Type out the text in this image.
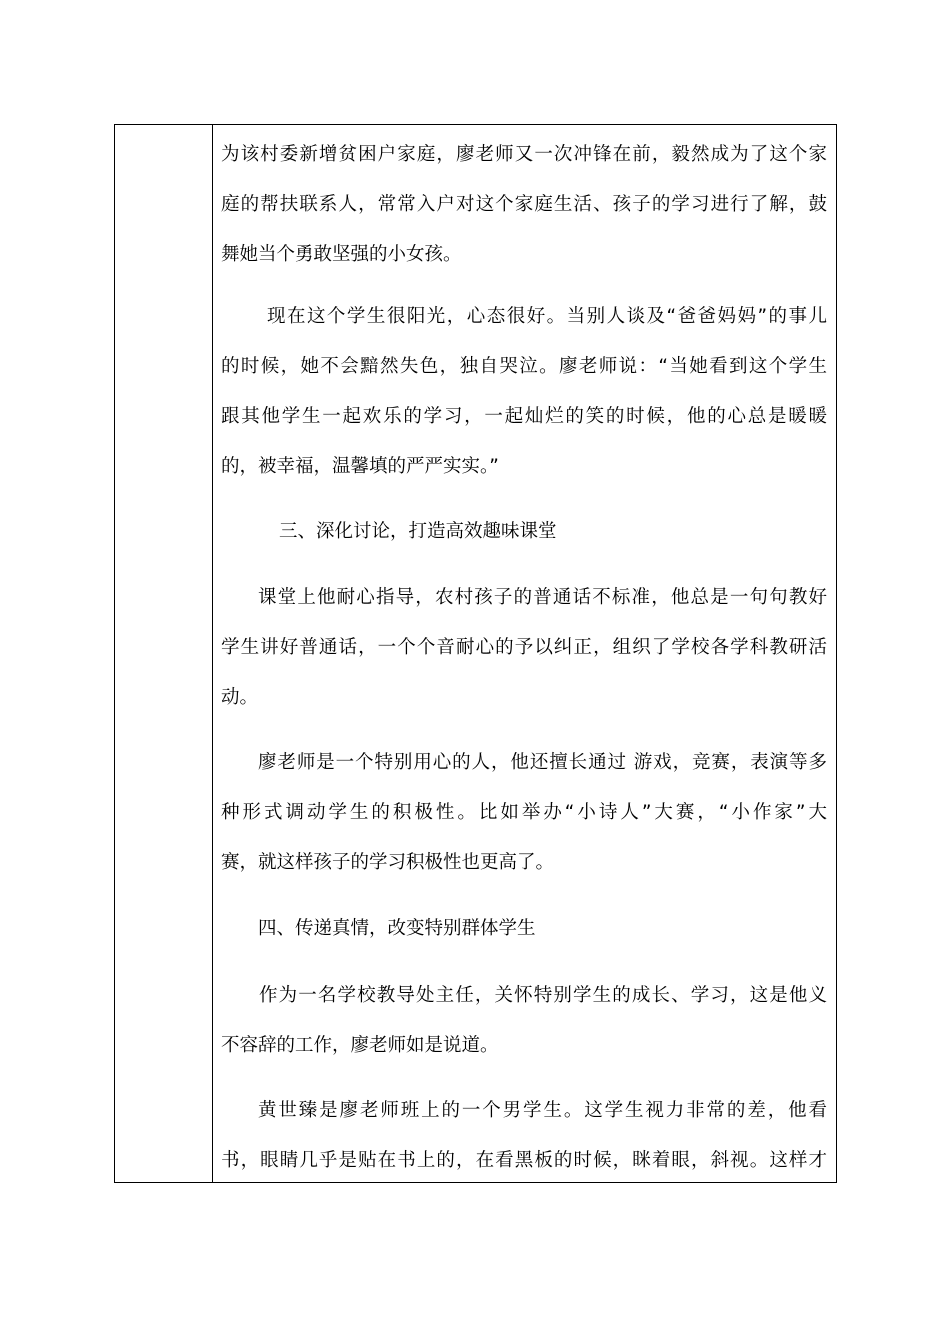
为该村委新增贫困户家庭，廖老师又一次冲锋在前，毅然成为了这个家
庭的帮扶联系人，常常入户对这个家庭生活、孩子的学习进行了解，鼓
舞她当个勇敢坚强的小女孩。
现在这个学生很阳光，心态很好。当别人谈及“爸爸妈妈”的事儿
的时候，她不会黯然失色，独自哭泣。廖老师说：“当她看到这个学生
跟其他学生一起欢乐的学习，一起灿烂的笑的时候，他的心总是暖暖
的，被幸福，温馨填的严严实实。”
三、深化讨论，打造高效趣味课堂
课堂上他耐心指导，农村孩子的普通话不标准，他总是一句句教好
学生讲好普通话，一个个音耐心的予以纠正，组织了学校各学科教研活
动。
廖老师是一个特别用心的人，他还擅长通过 游戏，竞赛，表演等多
种形式调动学生的积极性。比如举办“小诗人”大赛，“小作家”大
赛，就这样孩子的学习积极性也更高了。
四、传递真情，改变特别群体学生
作为一名学校教导处主任，关怀特别学生的成长、学习，这是他义
不容辞的工作，廖老师如是说道。
黄世臻是廖老师班上的一个男学生。这学生视力非常的差，他看
书，眼睛几乎是贴在书上的，在看黑板的时候，眯着眼，斜视。这样才
